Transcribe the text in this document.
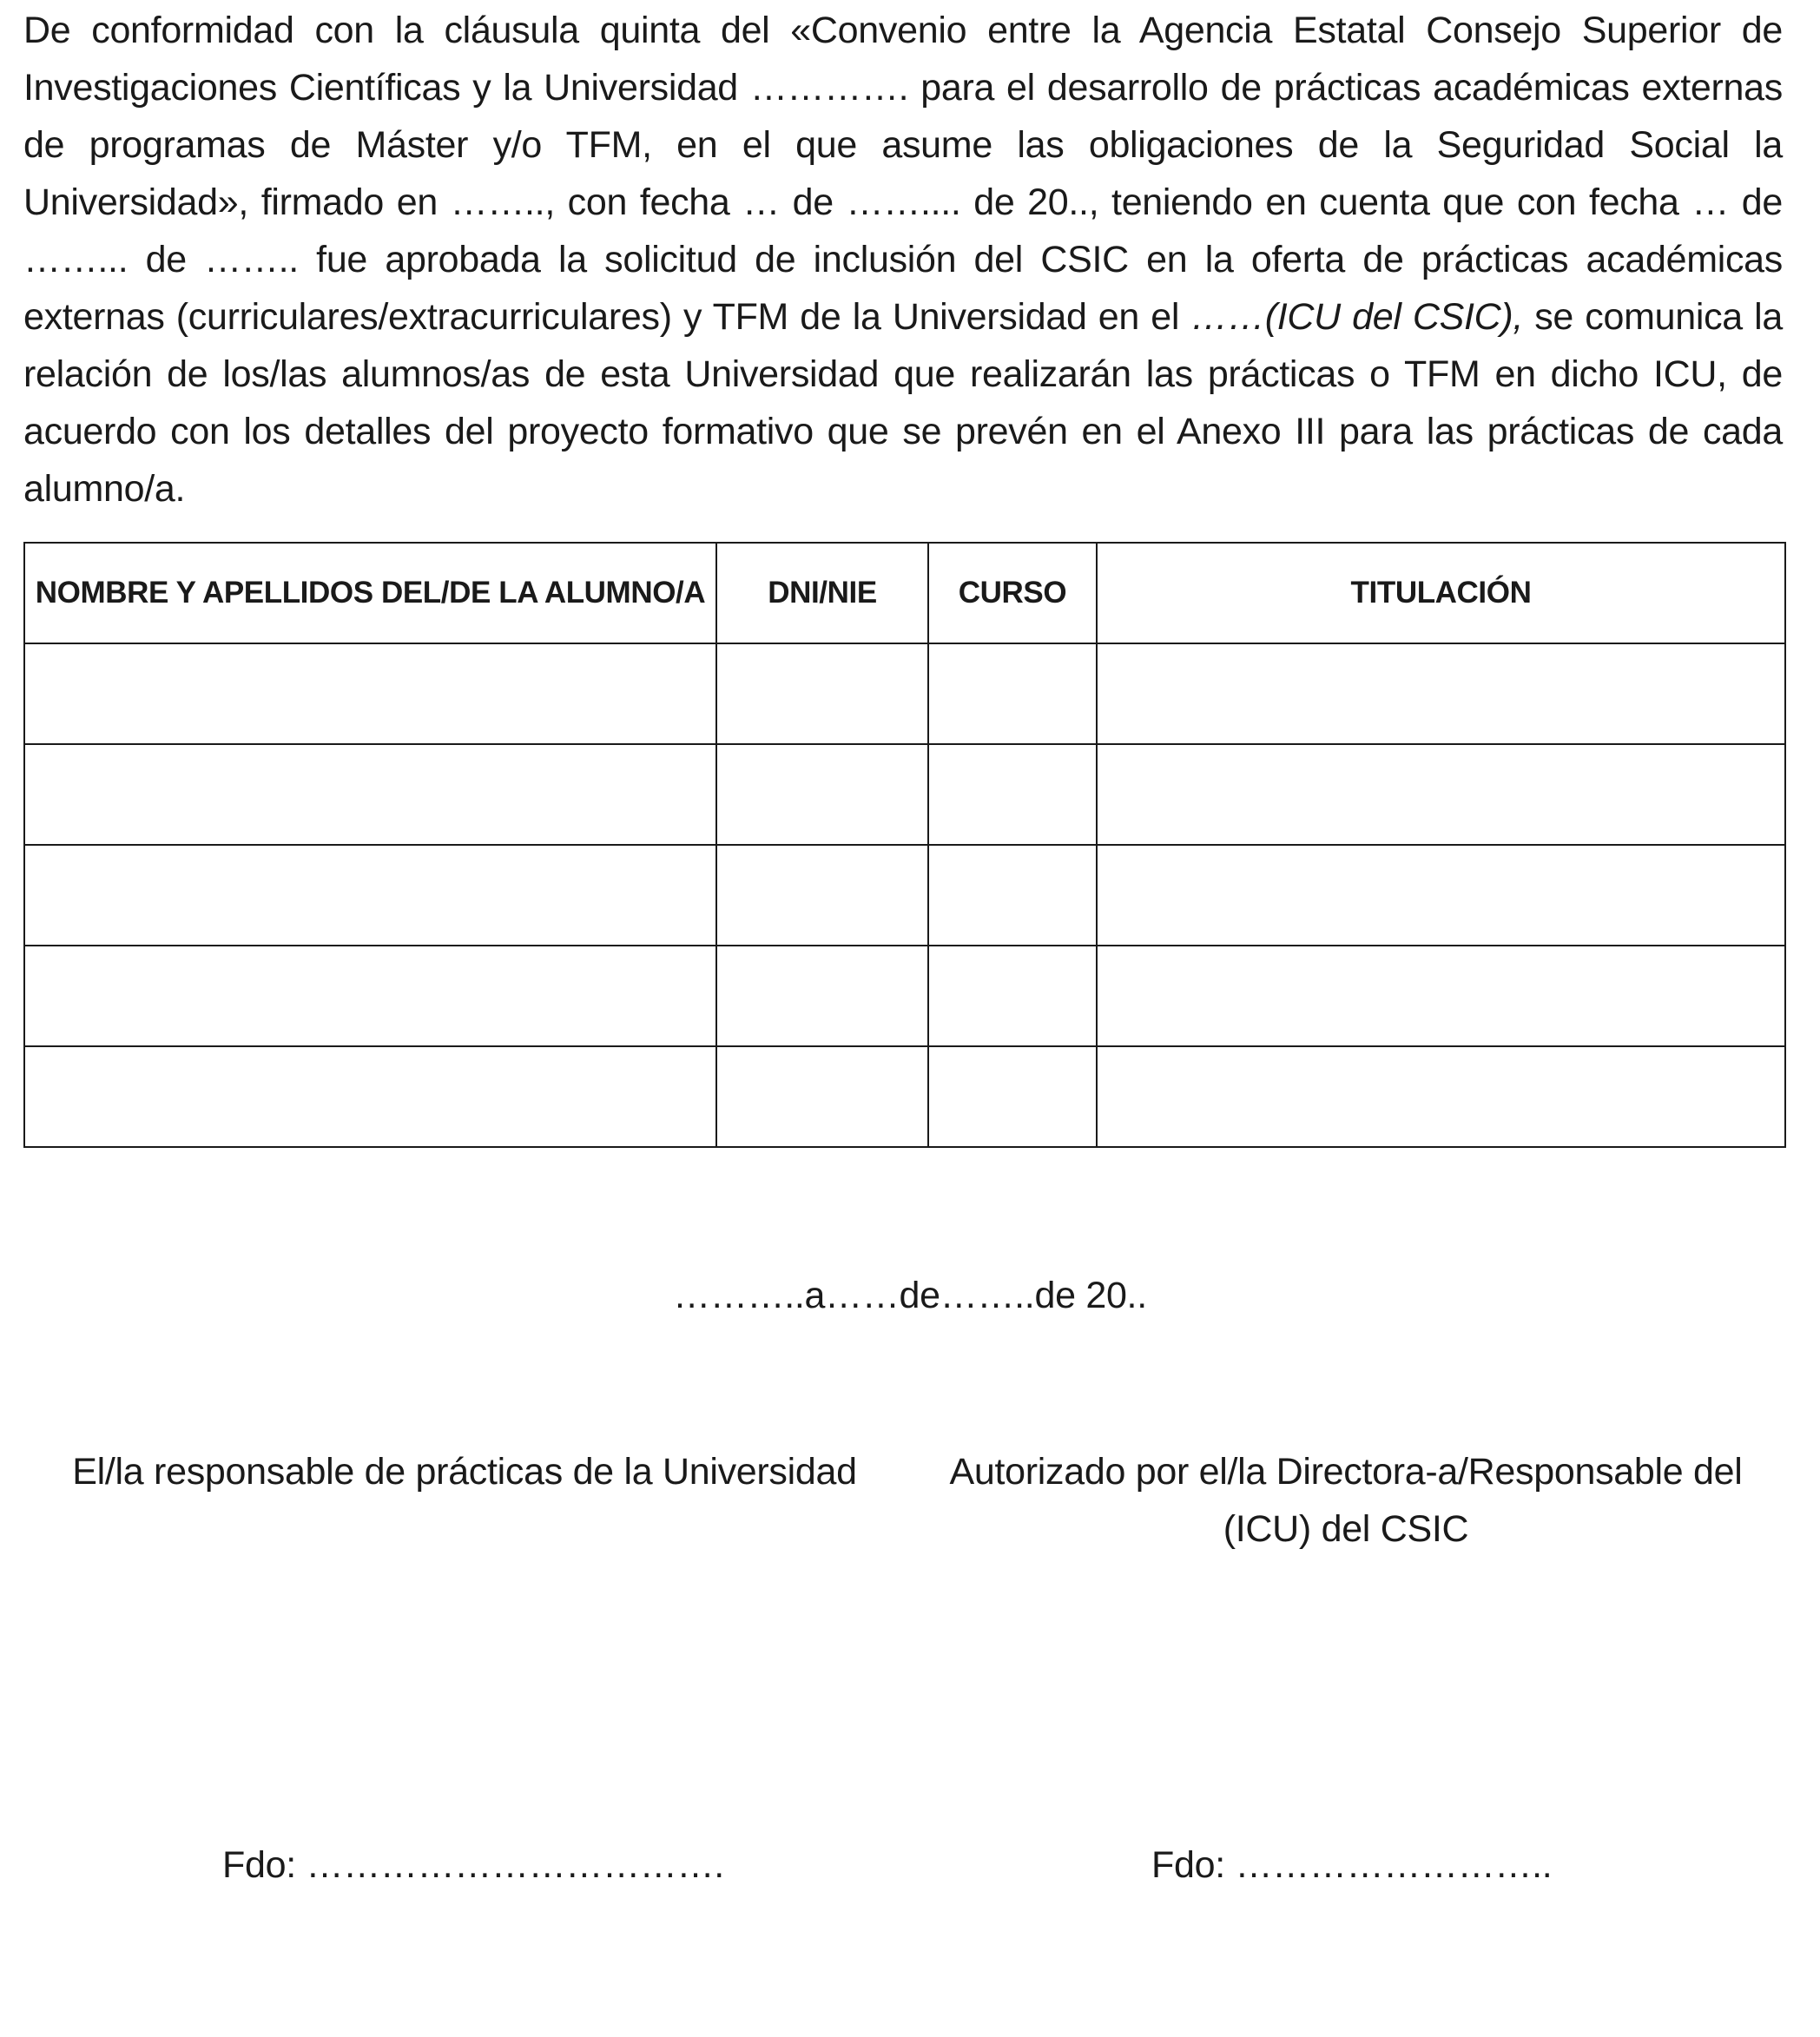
De conformidad con la cláusula quinta del «Convenio entre la Agencia Estatal Consejo Superior de Investigaciones Científicas y la Universidad …………. para el desarrollo de prácticas académicas externas de programas de Máster y/o TFM, en el que asume las obligaciones de la Seguridad Social la Universidad», firmado en …….., con fecha … de …….... de 20.., teniendo en cuenta que con fecha … de ……... de …….. fue aprobada la solicitud de inclusión del CSIC en la oferta de prácticas académicas externas (curriculares/extracurriculares) y TFM de la Universidad en el ……(ICU del CSIC), se comunica la relación de los/las alumnos/as de esta Universidad que realizarán las prácticas o TFM en dicho ICU, de acuerdo con los detalles del proyecto formativo que se prevén en el Anexo III para las prácticas de cada alumno/a.

NOMBRE Y APELLIDOS DEL/DE LA ALUMNO/A	DNI/NIE	CURSO	TITULACIÓN

………..a……de……..de 20..

El/la responsable de prácticas de la Universidad	Autorizado por el/la Directora-a/Responsable del
(ICU) del CSIC

Fdo: …………………………….	Fdo: ……………………..
